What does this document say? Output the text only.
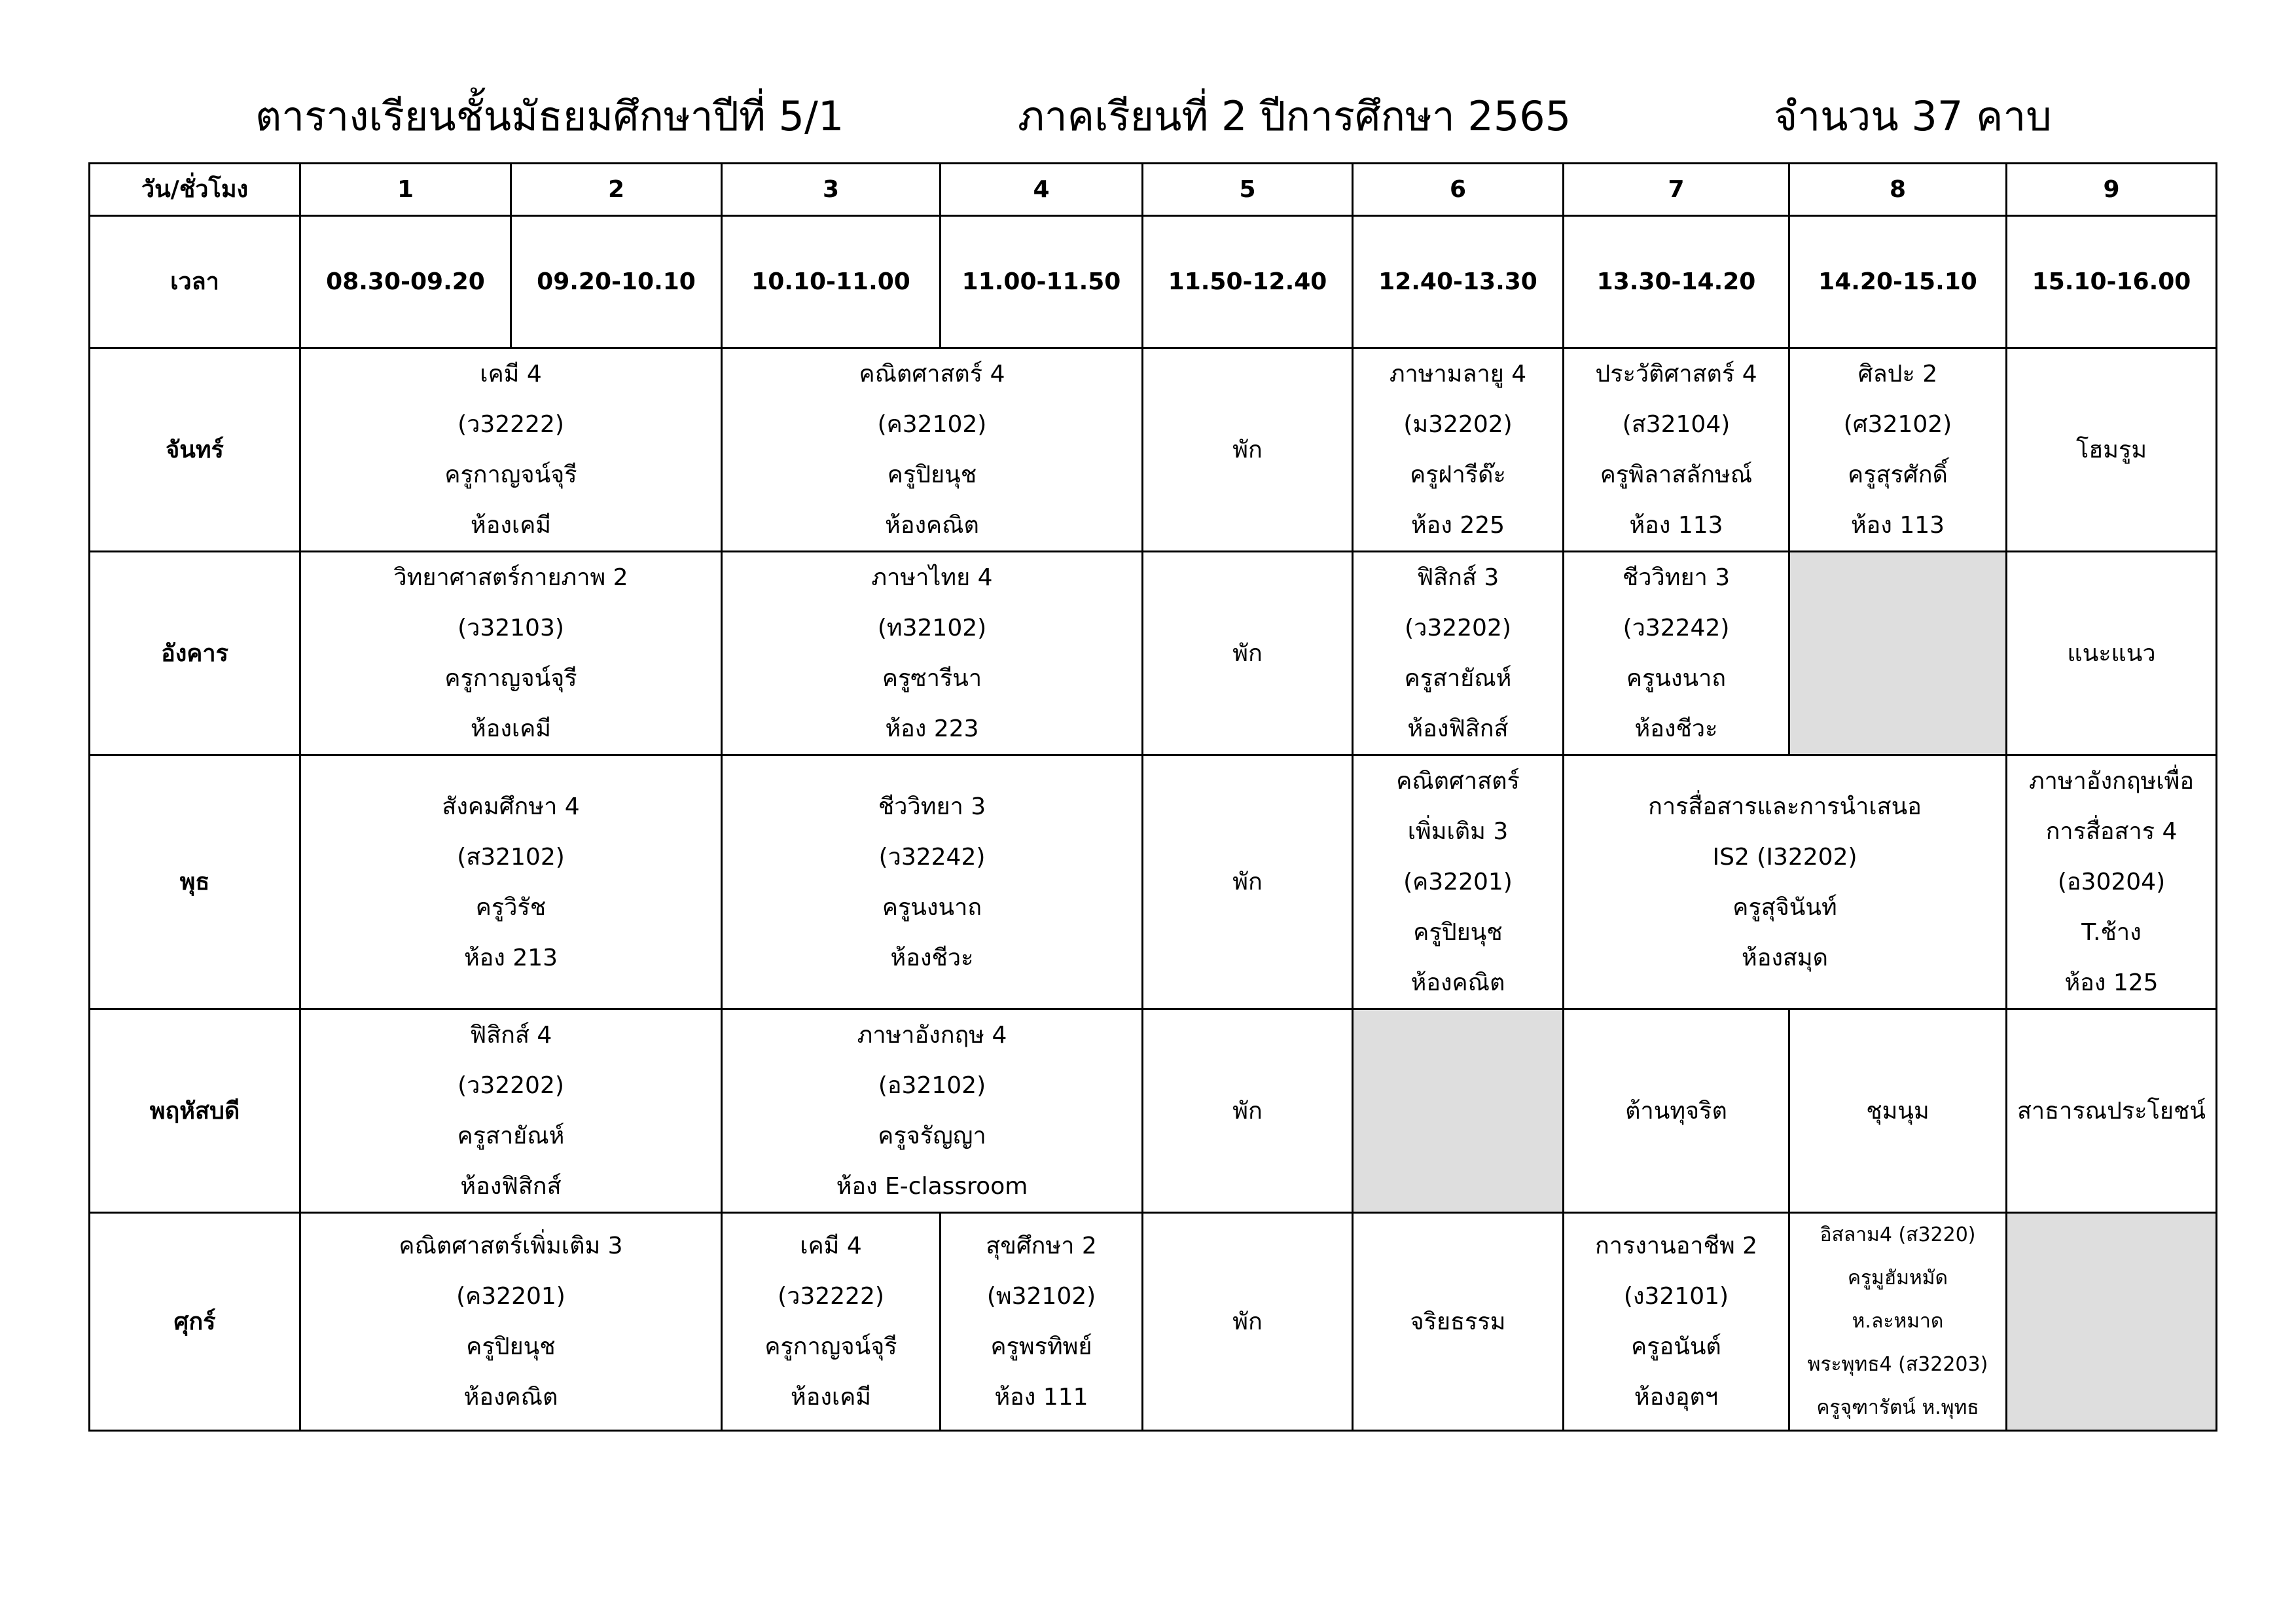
ตารางเรียนชั้นมัธยมศึกษาปีที่ 5/1	ภาคเรียนที่ 2 ปีการศึกษา 2565	จำนวน 37 คาบ
วัน/ชั่วโมง	1	2	3	4	5	6	7	8	9
เวลา	08.30-09.20	09.20-10.10	10.10-11.00	11.00-11.50	11.50-12.40	12.40-13.30	13.30-14.20	14.20-15.10	15.10-16.00
จันทร์	เคมี 4
(ว32222)
ครูกาญจน์จุรี
ห้องเคมี		คณิตศาสตร์ 4
(ค32102)
ครูปิยนุช
ห้องคณิต		พัก	ภาษามลายู 4
(ม32202)
ครูฝารีด๊ะ
ห้อง 225	ประวัติศาสตร์ 4
(ส32104)
ครูพิลาสลักษณ์
ห้อง 113	ศิลปะ 2
(ศ32102)
ครูสุรศักดิ์
ห้อง 113	โฮมรูม
อังคาร	วิทยาศาสตร์กายภาพ 2
(ว32103)
ครูกาญจน์จุรี
ห้องเคมี		ภาษาไทย 4
(ท32102)
ครูซารีนา
ห้อง 223		พัก	ฟิสิกส์ 3
(ว32202)
ครูสายัณห์
ห้องฟิสิกส์	ชีววิทยา 3
(ว32242)
ครูนงนาถ
ห้องชีวะ		แนะแนว
พุธ	สังคมศึกษา 4
(ส32102)
ครูวิรัช
ห้อง 213		ชีววิทยา 3
(ว32242)
ครูนงนาถ
ห้องชีวะ		พัก	คณิตศาสตร์
เพิ่มเติม 3
(ค32201)
ครูปิยนุช
ห้องคณิต	การสื่อสารและการนำเสนอ
IS2 (I32202)
ครูสุจินันท์
ห้องสมุด		ภาษาอังกฤษเพื่อ
การสื่อสาร 4
(อ30204)
T.ช้าง
ห้อง 125

พฤหัสบดี	ฟิสิกส์ 4
(ว32202)
ครูสายัณห์
ห้องฟิสิกส์		ภาษาอังกฤษ 4
(อ32102)
ครูจรัญญา
ห้อง E-classroom		พัก		ต้านทุจริต	ชุมนุม	สาธารณประโยชน์
ศุกร์	คณิตศาสตร์เพิ่มเติม 3
(ค32201)
ครูปิยนุช
ห้องคณิต		เคมี 4
(ว32222)
ครูกาญจน์จุรี
ห้องเคมี	สุขศึกษา 2
(พ32102)
ครูพรทิพย์
ห้อง 111	พัก	จริยธรรม	การงานอาชีพ 2
(ง32101)
ครูอนันต์
ห้องอุตฯ	อิสลาม4 (ส3220)
ครูมูฮัมหมัด
ห.ละหมาด
พระพุทธ4 (ส32203)
ครูจุฑารัตน์ ห.พุทธ	
